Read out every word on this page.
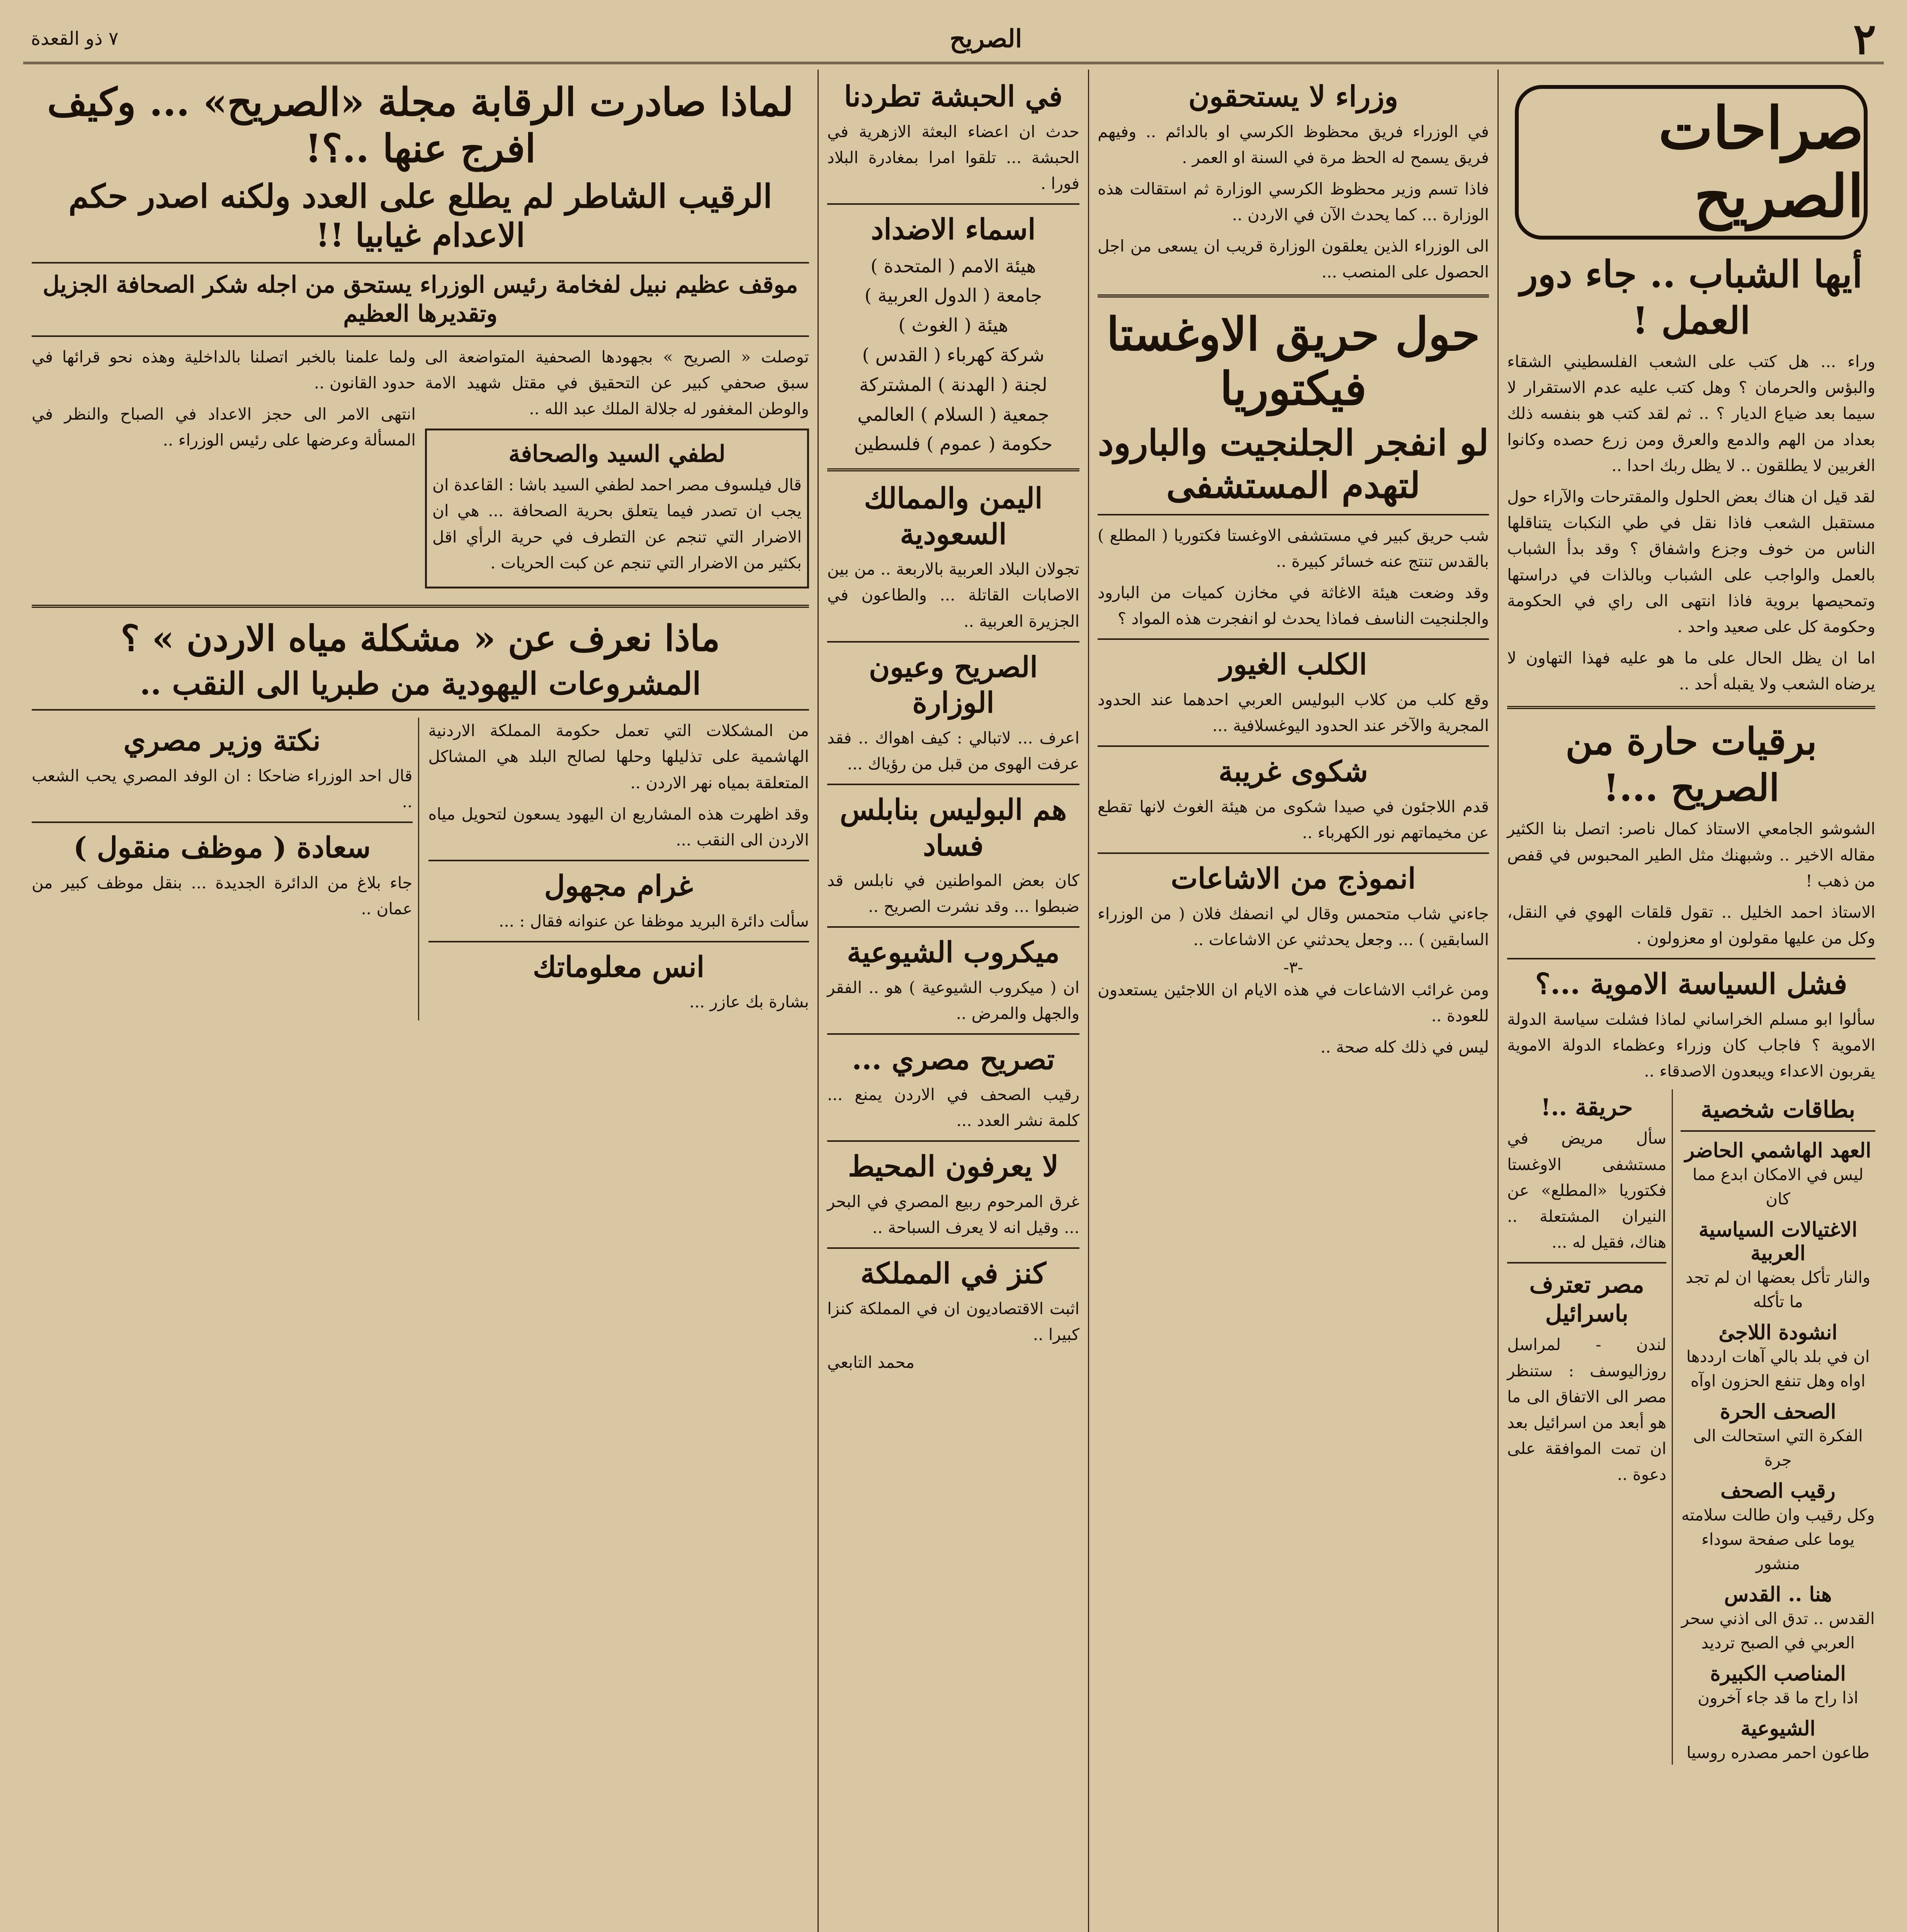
٢
الصريح
٧ ذو القعدة
صراحات الصريح
أيها الشباب .. جاء دور العمل !

وراء ... هل كتب على الشعب الفلسطيني الشقاء والبؤس والحرمان ؟ وهل كتب عليه عدم الاستقرار لا سيما بعد ضياع الديار ؟ .. ثم لقد كتب هو بنفسه ذلك بعداد من الهم والدمع والعرق ومن زرع حصده وكانوا الغربين لا يطلقون .. لا يظل ربك احدا ..

لقد قيل ان هناك بعض الحلول والمقترحات والآراء حول مستقبل الشعب فاذا نقل في طي النكبات يتناقلها الناس من خوف وجزع واشفاق ؟ وقد بدأ الشباب بالعمل والواجب على الشباب وبالذات في دراستها وتمحيصها بروية فاذا انتهى الى راي في الحكومة وحكومة كل على صعيد واحد .

اما ان يظل الحال على ما هو عليه فهذا التهاون لا يرضاه الشعب ولا يقبله أحد ..

برقيات حارة من الصريح ...!

الشوشو الجامعي الاستاذ كمال ناصر: اتصل بنا الكثير مقاله الاخير .. وشبهنك مثل الطير المحبوس في قفص من ذهب !

الاستاذ احمد الخليل .. تقول قلقات الهوي في النقل، وكل من عليها مقولون او معزولون .

فشل السياسة الاموية ...؟

سألوا ابو مسلم الخراساني لماذا فشلت سياسة الدولة الاموية ؟ فاجاب كان وزراء وعظماء الدولة الاموية يقربون الاعداء ويبعدون الاصدقاء ..

بطاقات شخصية
العهد الهاشمي الحاضر
ليس في الامكان ابدع مما كان
الاغتيالات السياسية العربية
والنار تأكل بعضها ان لم تجد ما تأكله
انشودة اللاجئ
ان في بلد بالي آهات ارددها اواه وهل تنفع الحزون اوآه
الصحف الحرة
الفكرة التي استحالت الى جرة
رقيب الصحف
وكل رقيب وان طالت سلامته يوما على صفحة سوداء منشور
هنا .. القدس
القدس .. تدق الى اذني سحر العربي في الصبح ترديد
المناصب الكبيرة
اذا راح ما قد جاء آخرون
الشيوعية
طاعون احمر مصدره روسيا
حريقة ..!

سأل مريض في مستشفى الاوغستا فكتوريا «المطلع» عن النيران المشتعلة .. هناك، فقيل له ...

مصر تعترف باسرائيل

لندن - لمراسل روزاليوسف : ستنظر مصر الى الاتفاق الى ما هو أبعد من اسرائيل بعد ان تمت الموافقة على دعوة ..

وزراء لا يستحقون

في الوزراء فريق محظوظ الكرسي او بالدائم .. وفيهم فريق يسمح له الحظ مرة في السنة او العمر .

فاذا تسم وزير محظوظ الكرسي الوزارة ثم استقالت هذه الوزارة ... كما يحدث الآن في الاردن ..

الى الوزراء الذين يعلقون الوزارة قريب ان يسعى من اجل الحصول على المنصب ...

حول حريق الاوغستا فيكتوريا
لو انفجر الجلنجيت والبارود لتهدم المستشفى

شب حريق كبير في مستشفى الاوغستا فكتوريا ( المطلع ) بالقدس تنتج عنه خسائر كبيرة ..

وقد وضعت هيئة الاغاثة في مخازن كميات من البارود والجلنجيت الناسف فماذا يحدث لو انفجرت هذه المواد ؟

الكلب الغيور

وقع كلب من كلاب البوليس العربي احدهما عند الحدود المجرية والآخر عند الحدود اليوغسلافية ...

شكوى غريبة

قدم اللاجئون في صيدا شكوى من هيئة الغوث لانها تقطع عن مخيماتهم نور الكهرباء ..

انموذج من الاشاعات

جاءني شاب متحمس وقال لي انصفك فلان ( من الوزراء السابقين ) ... وجعل يحدثني عن الاشاعات ..

-٣-

ومن غرائب الاشاعات في هذه الايام ان اللاجئين يستعدون للعودة ..

ليس في ذلك كله صحة ..

في الحبشة تطردنا

حدث ان اعضاء البعثة الازهرية في الحبشة ... تلقوا امرا بمغادرة البلاد فورا .

اسماء الاضداد
هيئة الامم ( المتحدة )
جامعة ( الدول العربية )
هيئة ( الغوث )
شركة كهرباء ( القدس )
لجنة ( الهدنة ) المشتركة
جمعية ( السلام ) العالمي
حكومة ( عموم ) فلسطين
اليمن والممالك السعودية

تجولان البلاد العربية بالاربعة .. من بين الاصابات القاتلة ... والطاعون في الجزيرة العربية ..

الصريح وعيون الوزارة

اعرف ... لاتبالي : كيف اهواك .. فقد عرفت الهوى من قبل من رؤياك ...

هم البوليس بنابلس فساد

كان بعض المواطنين في نابلس قد ضبطوا ... وقد نشرت الصريح ..

ميكروب الشيوعية

ان ( ميكروب الشيوعية ) هو .. الفقر والجهل والمرض ..

تصريح مصري ...

رقيب الصحف في الاردن يمنع ... كلمة نشر العدد ...

لا يعرفون المحيط

غرق المرحوم ربيع المصري في البحر ... وقيل انه لا يعرف السباحة ..

كنز في المملكة

اثبت الاقتصاديون ان في المملكة كنزا كبيرا ..

محمد التابعي
لماذا صادرت الرقابة مجلة «الصريح» ... وكيف افرج عنها ..؟!
الرقيب الشاطر لم يطلع على العدد ولكنه اصدر حكم الاعدام غيابيا !!
موقف عظيم نبيل لفخامة رئيس الوزراء يستحق من اجله شكر الصحافة الجزيل وتقديرها العظيم

توصلت « الصريح » بجهودها الصحفية المتواضعة الى سبق صحفي كبير عن التحقيق في مقتل شهيد الامة والوطن المغفور له جلالة الملك عبد الله ..

لطفي السيد والصحافة

قال فيلسوف مصر احمد لطفي السيد باشا : القاعدة ان يجب ان تصدر فيما يتعلق بحرية الصحافة ... هي ان الاضرار التي تنجم عن التطرف في حرية الرأي اقل بكثير من الاضرار التي تنجم عن كبت الحريات .

ولما علمنا بالخبر اتصلنا بالداخلية وهذه نحو قرائها في حدود القانون ..

انتهى الامر الى حجز الاعداد في الصباح والنظر في المسألة وعرضها على رئيس الوزراء ..

ماذا نعرف عن « مشكلة مياه الاردن » ؟
المشروعات اليهودية من طبريا الى النقب ..

من المشكلات التي تعمل حكومة المملكة الاردنية الهاشمية على تذليلها وحلها لصالح البلد هي المشاكل المتعلقة بمياه نهر الاردن ..

وقد اظهرت هذه المشاريع ان اليهود يسعون لتحويل مياه الاردن الى النقب ...

غرام مجهول

سألت دائرة البريد موظفا عن عنوانه فقال : ...

انس معلوماتك

بشارة بك عازر ...

نكتة وزير مصري

قال احد الوزراء ضاحكا : ان الوفد المصري يحب الشعب ..

سعادة ( موظف منقول )

جاء بلاغ من الدائرة الجديدة ... بنقل موظف كبير من عمان ..
